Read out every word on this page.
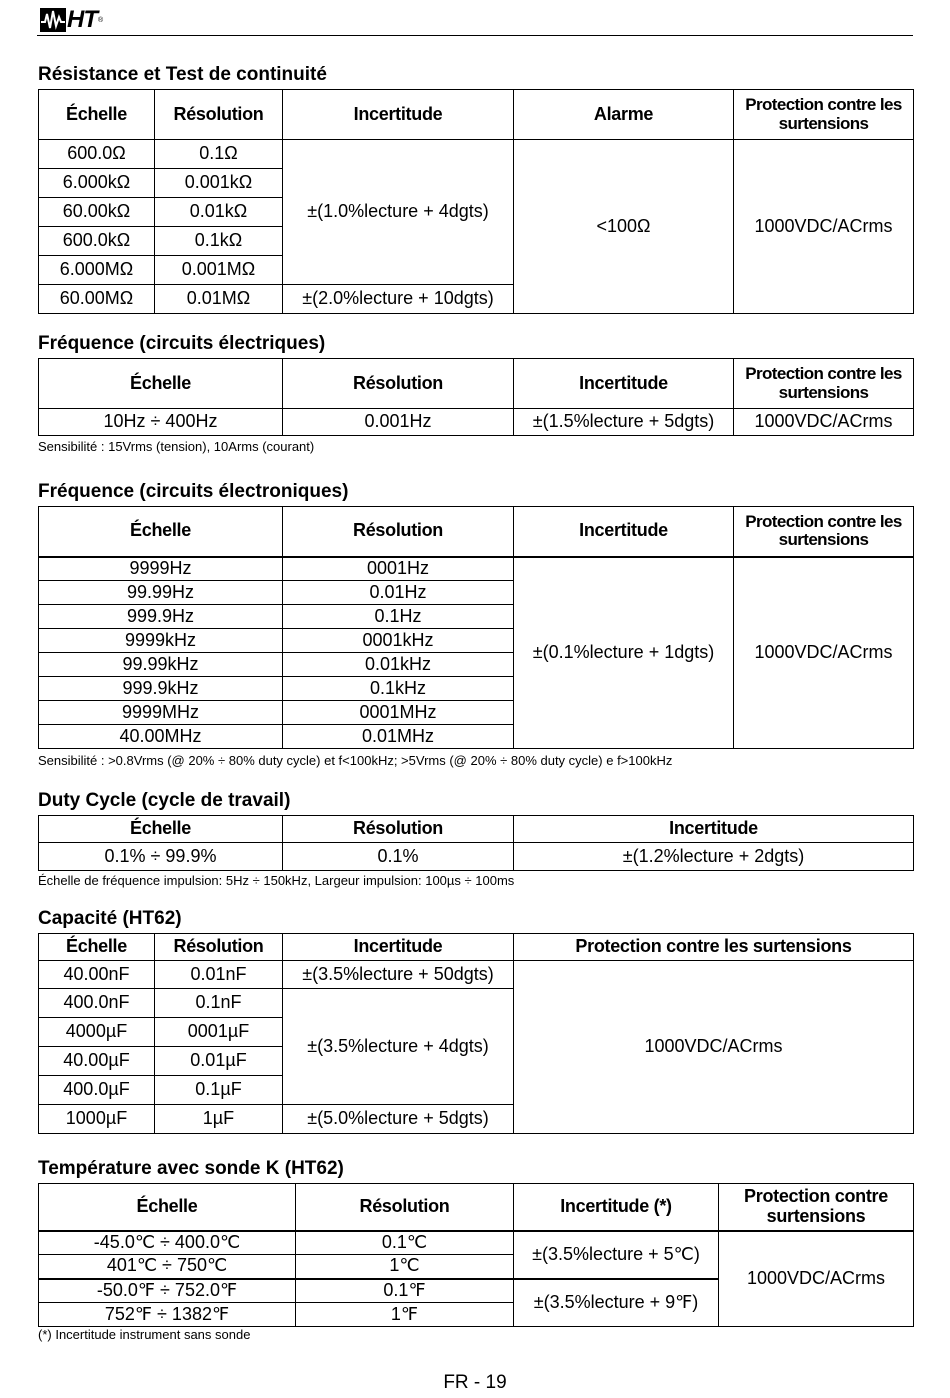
HT ®
Résistance et Test de continuité
Échelle	Résolution	Incertitude	Alarme	Protection contre les surtensions
600.0Ω	0.1Ω	±(1.0%lecture + 4dgts)	<100Ω	1000VDC/ACrms
6.000kΩ	0.001kΩ			
60.00kΩ	0.01kΩ			
600.0kΩ	0.1kΩ			
6.000MΩ	0.001MΩ			
60.00MΩ	0.01MΩ	±(2.0%lecture + 10dgts)		
Fréquence (circuits électriques)
Échelle	Résolution	Incertitude	Protection contre les surtensions
10Hz ÷ 400Hz	0.001Hz	±(1.5%lecture + 5dgts)	1000VDC/ACrms
Sensibilité : 15Vrms (tension), 10Arms (courant)
Fréquence (circuits électroniques)
Échelle	Résolution	Incertitude	Protection contre les surtensions
9999Hz	0001Hz	±(0.1%lecture + 1dgts)	1000VDC/ACrms
99.99Hz	0.01Hz		
999.9Hz	0.1Hz		
9999kHz	0001kHz		
99.99kHz	0.01kHz		
999.9kHz	0.1kHz		
9999MHz	0001MHz		
40.00MHz	0.01MHz		
Sensibilité : >0.8Vrms (@ 20% ÷ 80% duty cycle) et f<100kHz; >5Vrms (@ 20% ÷ 80% duty cycle) e f>100kHz
Duty Cycle (cycle de travail)
Échelle	Résolution	Incertitude
0.1% ÷ 99.9%	0.1%	±(1.2%lecture + 2dgts)
Échelle de fréquence impulsion: 5Hz ÷ 150kHz, Largeur impulsion: 100µs ÷ 100ms
Capacité (HT62)
Échelle	Résolution	Incertitude	Protection contre les surtensions
40.00nF	0.01nF	±(3.5%lecture + 50dgts)	1000VDC/ACrms
400.0nF	0.1nF	±(3.5%lecture + 4dgts)	
4000µF	0001µF		
40.00µF	0.01µF		
400.0µF	0.1µF		
1000µF	1µF	±(5.0%lecture + 5dgts)	
Température avec sonde K (HT62)
Échelle	Résolution	Incertitude (*)	Protection contre surtensions
-45.0℃ ÷ 400.0℃	0.1℃	±(3.5%lecture + 5℃)	1000VDC/ACrms
401℃ ÷ 750℃	1℃		
-50.0℉ ÷ 752.0℉	0.1℉	±(3.5%lecture + 9℉)	
752℉ ÷ 1382℉	1℉		
(*) Incertitude instrument sans sonde
FR - 19
